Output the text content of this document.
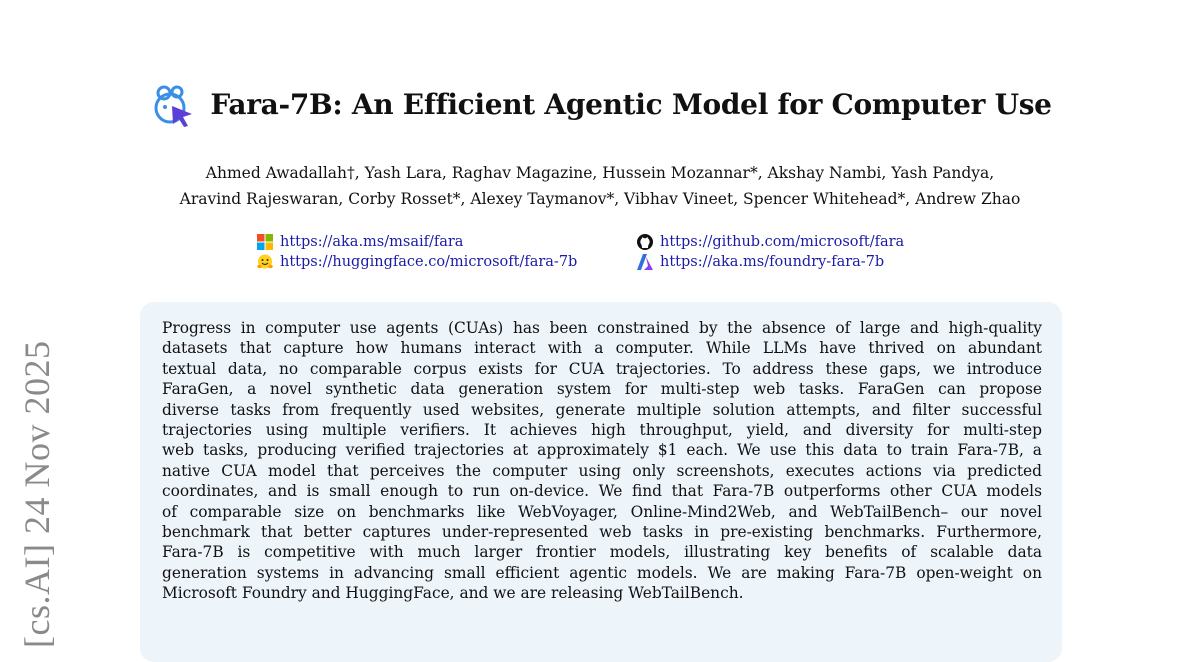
[cs.AI] 24 Nov 2025
Fara-7B: An Efficient Agentic Model for Computer Use
Ahmed Awadallah†, Yash Lara, Raghav Magazine, Hussein Mozannar*, Akshay Nambi, Yash Pandya,
Aravind Rajeswaran, Corby Rosset*, Alexey Taymanov*, Vibhav Vineet, Spencer Whitehead*, Andrew Zhao
https://aka.ms/msaif/fara	https://github.com/microsoft/fara
https://huggingface.co/microsoft/fara-7b	https://aka.ms/foundry-fara-7b

Progress in computer use agents (CUAs) has been constrained by the absence of large and high-quality
datasets that capture how humans interact with a computer. While LLMs have thrived on abundant
textual data, no comparable corpus exists for CUA trajectories. To address these gaps, we introduce
FaraGen, a novel synthetic data generation system for multi-step web tasks. FaraGen can propose
diverse tasks from frequently used websites, generate multiple solution attempts, and filter successful
trajectories using multiple verifiers. It achieves high throughput, yield, and diversity for multi-step
web tasks, producing verified trajectories at approximately $1 each. We use this data to train Fara-7B, a
native CUA model that perceives the computer using only screenshots, executes actions via predicted
coordinates, and is small enough to run on-device. We find that Fara-7B outperforms other CUA models
of comparable size on benchmarks like WebVoyager, Online-Mind2Web, and WebTailBench– our novel
benchmark that better captures under-represented web tasks in pre-existing benchmarks. Furthermore,
Fara-7B is competitive with much larger frontier models, illustrating key benefits of scalable data
generation systems in advancing small efficient agentic models. We are making Fara-7B open-weight on
Microsoft Foundry and HuggingFace, and we are releasing WebTailBench.
